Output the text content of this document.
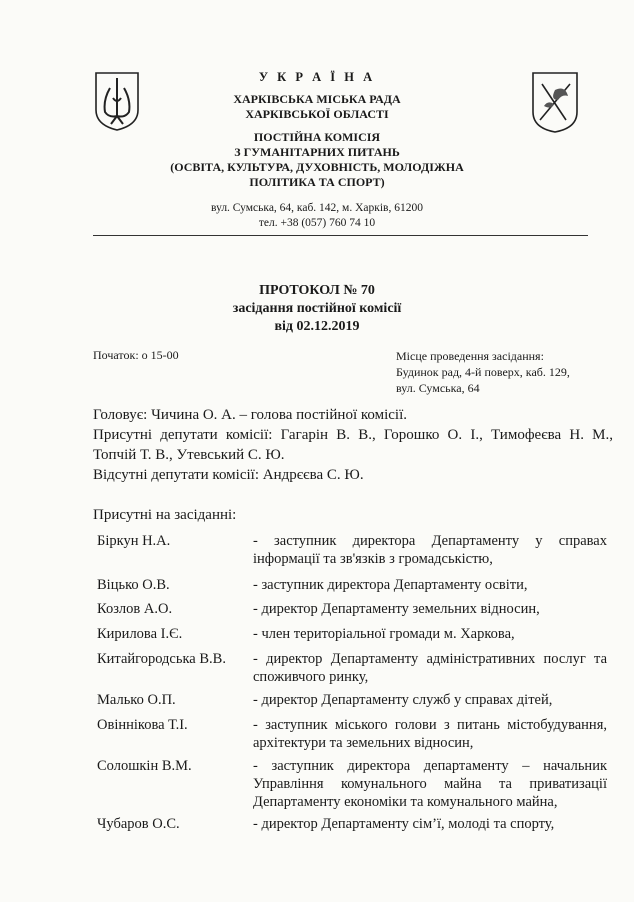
У К Р А Ї Н А
ХАРКІВСЬКА МІСЬКА РАДА
ХАРКІВСЬКОЇ ОБЛАСТІ
ПОСТІЙНА КОМІСІЯ
З ГУМАНІТАРНИХ ПИТАНЬ
(ОСВІТА, КУЛЬТУРА, ДУХОВНІСТЬ, МОЛОДІЖНА
ПОЛІТИКА ТА СПОРТ)
вул. Сумська, 64, каб. 142, м. Харків, 61200
тел. +38 (057) 760 74 10
ПРОТОКОЛ № 70
засідання постійної комісії
від 02.12.2019
Початок: о 15-00	Місце проведення засідання:
Будинок рад, 4-й поверх, каб. 129,
вул. Сумська, 64
Головує: Чичина О. А. – голова постійної комісії.
Присутні депутати комісії: Гагарін В. В., Горошко О. І., Тимофеєва Н. М.,
Топчій Т. В., Утевський С. Ю.
Відсутні депутати комісії: Андрєєва С. Ю.
Присутні на засіданні:
Біркун Н.А.	- заступник директора Департаменту у справах інформації та зв'язків з громадськістю,
Віцько О.В.	- заступник директора Департаменту освіти,
Козлов А.О.	- директор Департаменту земельних відносин,
Кирилова І.Є.	- член територіальної громади м. Харкова,
Китайгородська В.В.	- директор Департаменту адміністративних послуг та споживчого ринку,
Малько О.П.	- директор Департаменту служб у справах дітей,
Овіннікова Т.І.	- заступник міського голови з питань містобудування, архітектури та земельних відносин,
Солошкін В.М.	- заступник директора департаменту – начальник Управління комунального майна та приватизації Департаменту економіки та комунального майна,
Чубаров О.С.	- директор Департаменту сім’ї, молоді та спорту,
